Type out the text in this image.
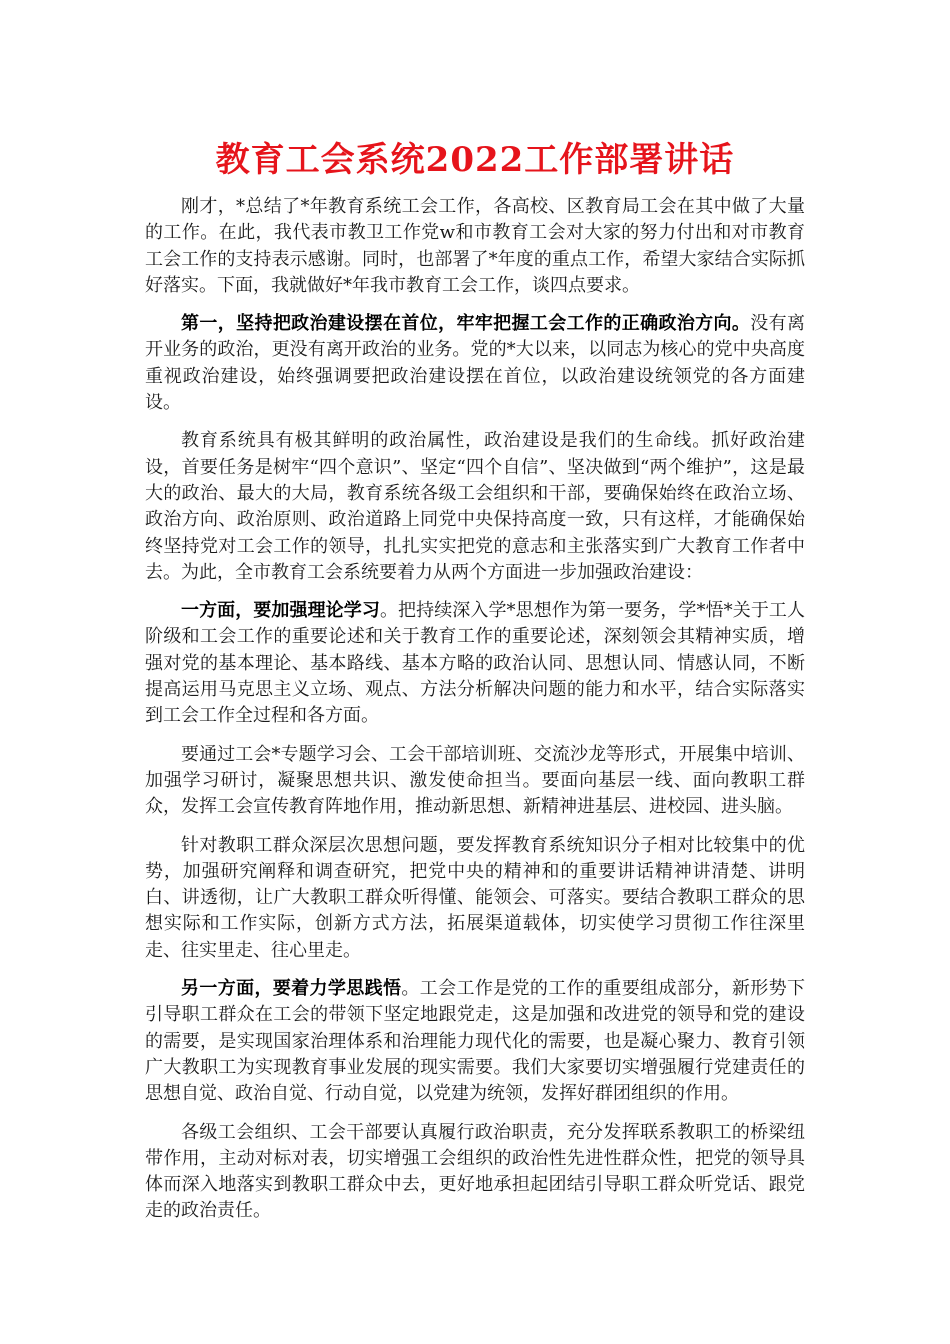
教育工会系统2022工作部署讲话

刚才，*总结了*年教育系统工会工作，各高校、区教育局工会在其中做了大量的工作。在此，我代表市教卫工作党w和市教育工会对大家的努力付出和对市教育工会工作的支持表示感谢。同时，也部署了*年度的重点工作，希望大家结合实际抓好落实。下面，我就做好*年我市教育工会工作，谈四点要求。

第一，坚持把政治建设摆在首位，牢牢把握工会工作的正确政治方向。没有离开业务的政治，更没有离开政治的业务。党的*大以来，以同志为核心的党中央高度重视政治建设，始终强调要把政治建设摆在首位，以政治建设统领党的各方面建设。

教育系统具有极其鲜明的政治属性，政治建设是我们的生命线。抓好政治建设，首要任务是树牢“四个意识”、坚定“四个自信”、坚决做到“两个维护”，这是最大的政治、最大的大局，教育系统各级工会组织和干部，要确保始终在政治立场、政治方向、政治原则、政治道路上同党中央保持高度一致，只有这样，才能确保始终坚持党对工会工作的领导，扎扎实实把党的意志和主张落实到广大教育工作者中去。为此，全市教育工会系统要着力从两个方面进一步加强政治建设：

一方面，要加强理论学习。把持续深入学*思想作为第一要务，学*悟*关于工人阶级和工会工作的重要论述和关于教育工作的重要论述，深刻领会其精神实质，增强对党的基本理论、基本路线、基本方略的政治认同、思想认同、情感认同，不断提高运用马克思主义立场、观点、方法分析解决问题的能力和水平，结合实际落实到工会工作全过程和各方面。

要通过工会*专题学习会、工会干部培训班、交流沙龙等形式，开展集中培训、加强学习研讨，凝聚思想共识、激发使命担当。要面向基层一线、面向教职工群众，发挥工会宣传教育阵地作用，推动新思想、新精神进基层、进校园、进头脑。

针对教职工群众深层次思想问题，要发挥教育系统知识分子相对比较集中的优势，加强研究阐释和调查研究，把党中央的精神和的重要讲话精神讲清楚、讲明白、讲透彻，让广大教职工群众听得懂、能领会、可落实。要结合教职工群众的思想实际和工作实际，创新方式方法，拓展渠道载体，切实使学习贯彻工作往深里走、往实里走、往心里走。

另一方面，要着力学思践悟。工会工作是党的工作的重要组成部分，新形势下引导职工群众在工会的带领下坚定地跟党走，这是加强和改进党的领导和党的建设的需要，是实现国家治理体系和治理能力现代化的需要，也是凝心聚力、教育引领广大教职工为实现教育事业发展的现实需要。我们大家要切实增强履行党建责任的思想自觉、政治自觉、行动自觉，以党建为统领，发挥好群团组织的作用。

各级工会组织、工会干部要认真履行政治职责，充分发挥联系教职工的桥梁纽带作用，主动对标对表，切实增强工会组织的政治性先进性群众性，把党的领导具体而深入地落实到教职工群众中去，更好地承担起团结引导职工群众听党话、跟党走的政治责任。
